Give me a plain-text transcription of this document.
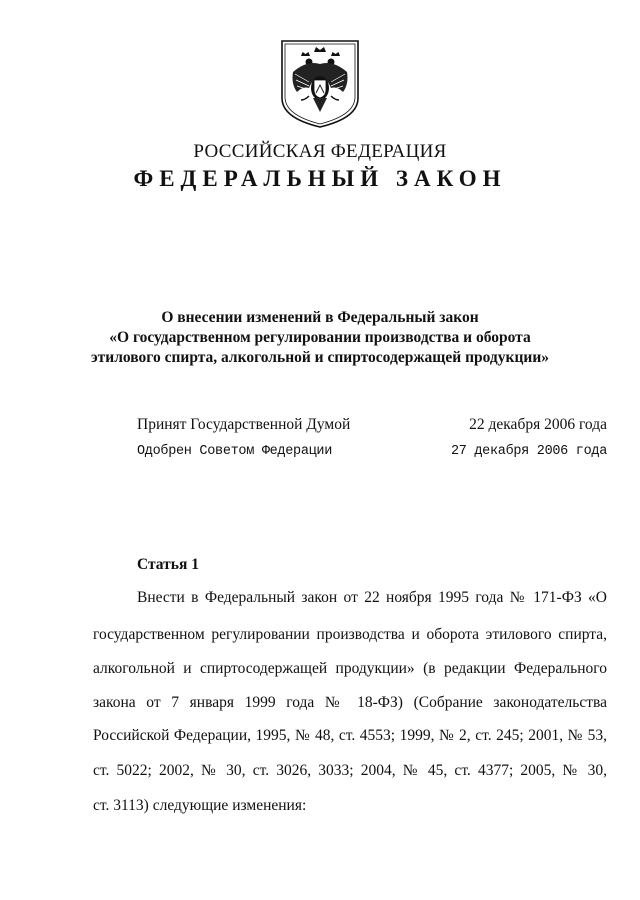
РОССИЙСКАЯ ФЕДЕРАЦИЯ
ФЕДЕРАЛЬНЫЙ ЗАКОН
О внесении изменений в Федеральный закон
«О государственном регулировании производства и оборота
этилового спирта, алкогольной и спиртосодержащей продукции»
Принят Государственной Думой	22 декабря 2006 года
Одобрен Советом Федерации	27 декабря 2006 года
Статья 1
Внести в Федеральный закон от 22 ноября 1995 года № 171-ФЗ «О
государственном регулировании производства и оборота этилового спирта,
алкогольной и спиртосодержащей продукции» (в редакции Федерального
закона от 7 января 1999 года № 18-ФЗ) (Собрание законодательства
Российской Федерации, 1995, № 48, ст. 4553; 1999, № 2, ст. 245; 2001, № 53,
ст. 5022; 2002, № 30, ст. 3026, 3033; 2004, № 45, ст. 4377; 2005, № 30,
ст. 3113) следующие изменения:
